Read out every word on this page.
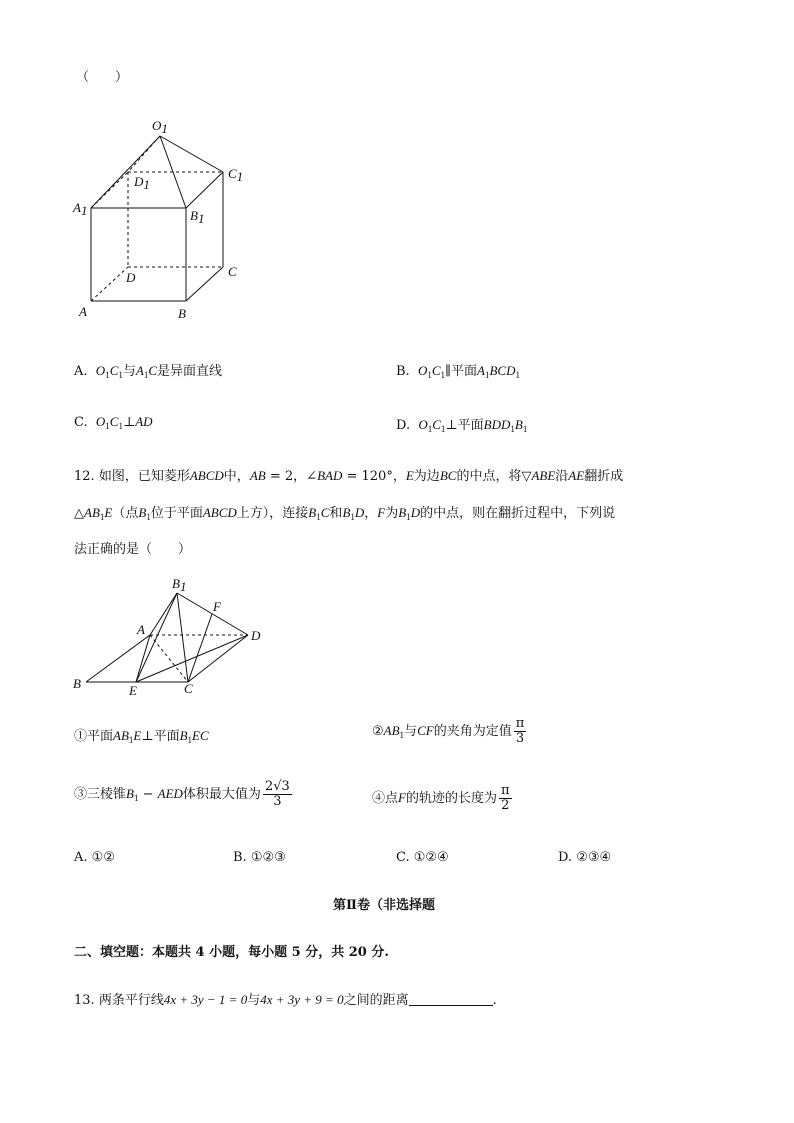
（　　）
O1
C1
D1
A1	B1
D	C
A	B
A. $O_1C_1$与$A_1C$是异面直线	B. $O_1C_1\parallel$平面$A_1BCD_1$
C. $O_1C_1\perp AD$	D. $O_1C_1\perp$平面$BDD_1B_1$
12. 如图，已知菱形ABCD中，AB = 2，∠BAD = 120°，E为边BC的中点，将▽ABE沿AE翻折成
$\triangle AB_1E$（点$B_1$位于平面ABCD上方），连接$B_1C$和$B_1D$，F为$B_1D$的中点，则在翻折过程中，下列说
法正确的是（　　）
B1
F
A	D
B	E	C
①平面$AB_1E\perp$平面$B_1EC$	$②AB_1$与CF的夹角为定值 $\frac{\pi}{3}$
③三棱锥$B_1$ − AED体积最大值为 $\frac{2√3}{3}$	④点F的轨迹的长度为 $\frac{\pi}{2}$
A. ①②	B. ①②③	C. ①②④	D. ②③④
第Ⅱ卷（非选择题
二、填空题：本题共 4 小题，每小题 5 分，共 20 分.
13. 两条平行线4x + 3y − 1 = 0与4x + 3y + 9 = 0之间的距离	.
